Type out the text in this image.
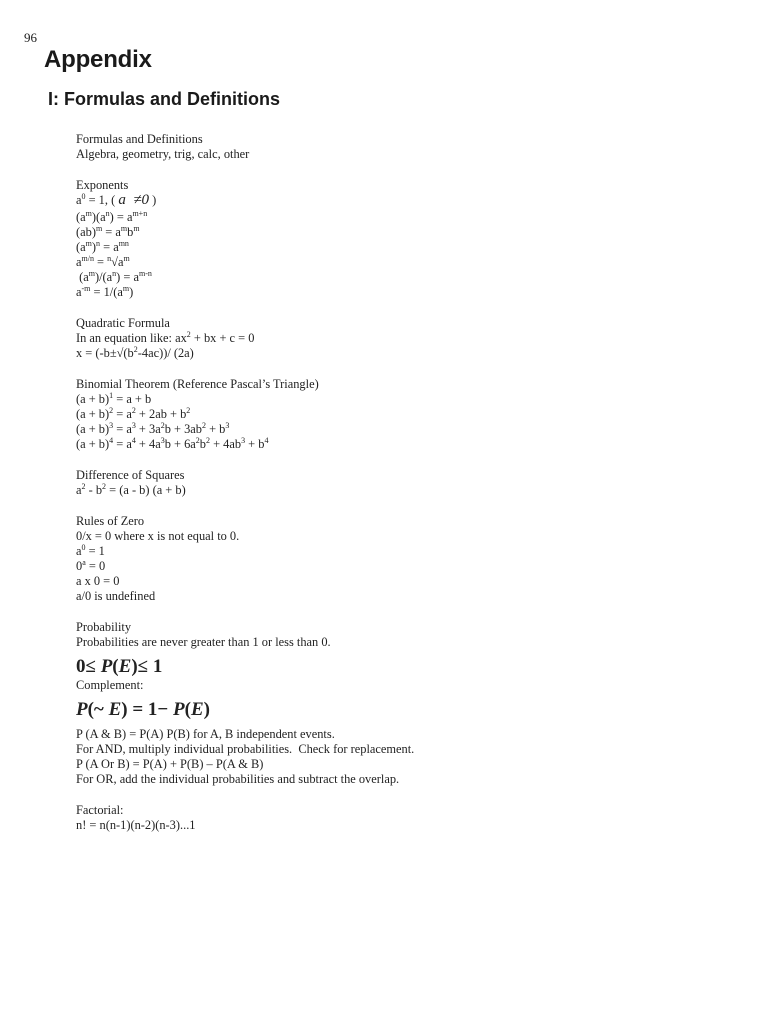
96
Appendix
I: Formulas and Definitions
Formulas and Definitions
Algebra, geometry, trig, calc, other
Exponents
$a^0 = 1$, ( a  ≠0 )
$(a^m)(a^n) = a^{m+n}$
$(ab)^m = a^mb^m$
$(a^m)^n = a^{mn}$
$a^{m/n} = ^n√a^m$
$(a^m)/(a^n) = a^{m-n}$
$a^{-m} = 1/(a^m)$
Quadratic Formula
In an equation like: $ax^2$ + bx + c = 0
$x = (-b\pm√(b^2-4ac))/$ (2a)
Binomial Theorem (Reference Pascal’s Triangle)
$(a + b)^1 = a + b$
$(a + b)^2 = a^2 + 2ab + b^2$
$(a + b)^3 = a^3 + 3a^2b + 3ab^2 + b^3$
$(a + b)^4 = a^4 + 4a^3b + 6a^2b^2 + 4ab^3 + b^4$
Difference of Squares
$a^2 - b^2 = (a - b) (a + b)$
Rules of Zero
0/x = 0 where x is not equal to 0.
$a^0 = 1$
$0^a = 0$
a x 0 = 0
a/0 is undefined
Probability
Probabilities are never greater than 1 or less than 0.
0≤ P(E)≤ 1
Complement:
P(~ E) = 1− P(E)
P (A & B) = P(A) P(B) for A, B independent events.
For AND, multiply individual probabilities.  Check for replacement.
P (A Or B) = P(A) + P(B) – P(A & B)
For OR, add the individual probabilities and subtract the overlap.
Factorial:
n! = n(n-1)(n-2)(n-3)...1
